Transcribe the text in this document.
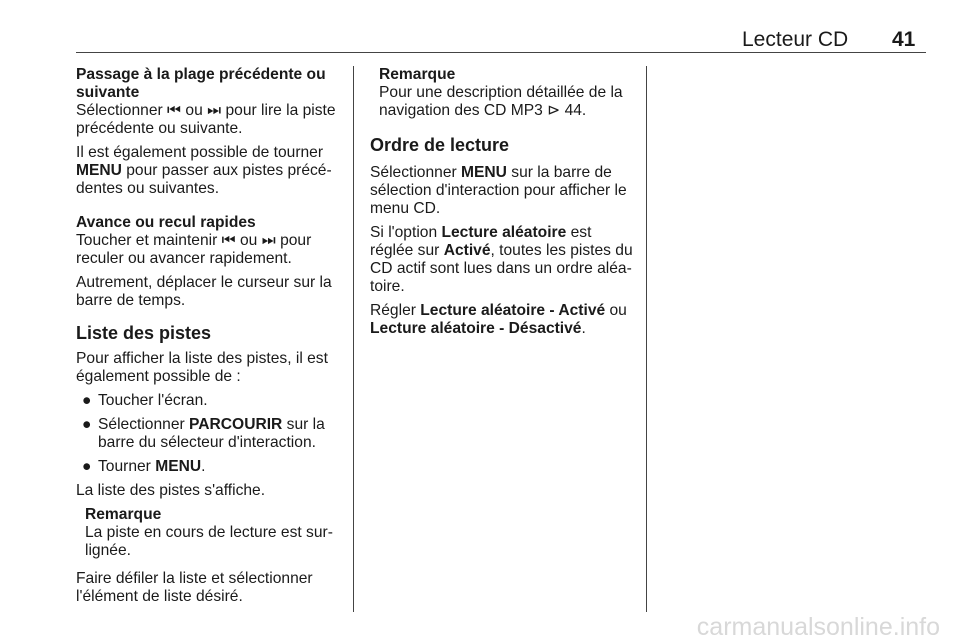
Lecteur CD 41

Passage à la plage précédente ou suivante

Sélectionner ⏮ ou ⏭ pour lire la piste précédente ou suivante.

Il est également possible de tourner MENU pour passer aux pistes précé‐dentes ou suivantes.

Avance ou recul rapides

Toucher et maintenir ⏮ ou ⏭ pour reculer ou avancer rapidement.

Autrement, déplacer le curseur sur la barre de temps.

Liste des pistes

Pour afficher la liste des pistes, il est également possible de :

● Toucher l'écran.
● Sélectionner PARCOURIR sur la barre du sélecteur d'interaction.
● Tourner MENU.

La liste des pistes s'affiche.

Remarque

La piste en cours de lecture est sur‐lignée.

Faire défiler la liste et sélectionner l'élément de liste désiré.

Remarque

Pour une description détaillée de la navigation des CD MP3 ⊳ 44.

Ordre de lecture

Sélectionner MENU sur la barre de sélection d'interaction pour afficher le menu CD.

Si l'option Lecture aléatoire est réglée sur Activé, toutes les pistes du CD actif sont lues dans un ordre aléa‐toire.

Régler Lecture aléatoire - Activé ou Lecture aléatoire - Désactivé.

carmanualsonline.info
